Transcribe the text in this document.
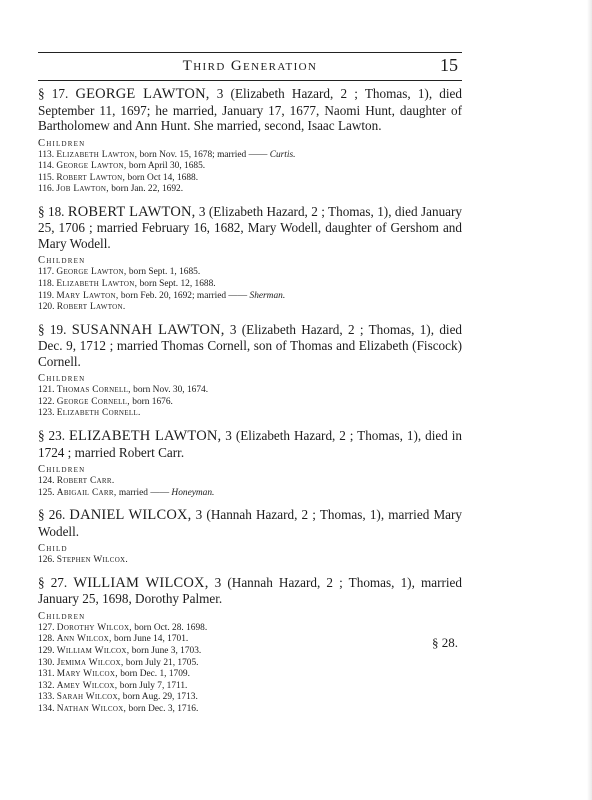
Third Generation	15

§ 17. GEORGE LAWTON, 3 (Elizabeth Hazard, 2 ; Thomas, 1), died September 11, 1697; he married, January 17, 1677, Naomi Hunt, daughter of Bartholomew and Ann Hunt. She married, second, Isaac Lawton.

Children

113. Elizabeth Lawton, born Nov. 15, 1678; married —— Curtis.

114. George Lawton, born April 30, 1685.

115. Robert Lawton, born Oct 14, 1688.

116. Job Lawton, born Jan. 22, 1692.

§ 18. ROBERT LAWTON, 3 (Elizabeth Hazard, 2 ; Thomas, 1), died January 25, 1706 ; married February 16, 1682, Mary Wodell, daughter of Gershom and Mary Wodell.

Children

117. George Lawton, born Sept. 1, 1685.

118. Elizabeth Lawton, born Sept. 12, 1688.

119. Mary Lawton, born Feb. 20, 1692; married —— Sherman.

120. Robert Lawton.

§ 19. SUSANNAH LAWTON, 3 (Elizabeth Hazard, 2 ; Thomas, 1), died Dec. 9, 1712 ; married Thomas Cornell, son of Thomas and Elizabeth (Fiscock) Cornell.

Children

121. Thomas Cornell, born Nov. 30, 1674.

122. George Cornell, born 1676.

123. Elizabeth Cornell.

§ 23. ELIZABETH LAWTON, 3 (Elizabeth Hazard, 2 ; Thomas, 1), died in 1724 ; married Robert Carr.

Children

124. Robert Carr.

125. Abigail Carr, married —— Honeyman.

§ 26. DANIEL WILCOX, 3 (Hannah Hazard, 2 ; Thomas, 1), married Mary Wodell.

Child

126. Stephen Wilcox.

§ 27. WILLIAM WILCOX, 3 (Hannah Hazard, 2 ; Thomas, 1), married January 25, 1698, Dorothy Palmer.

Children

127. Dorothy Wilcox, born Oct. 28. 1698.

128. Ann Wilcox, born June 14, 1701.

129. William Wilcox, born June 3, 1703.

130. Jemima Wilcox, born July 21, 1705.

131. Mary Wilcox, born Dec. 1, 1709.

132. Amey Wilcox, born July 7, 1711.

133. Sarah Wilcox, born Aug. 29, 1713.

134. Nathan Wilcox, born Dec. 3, 1716.

§ 28.
